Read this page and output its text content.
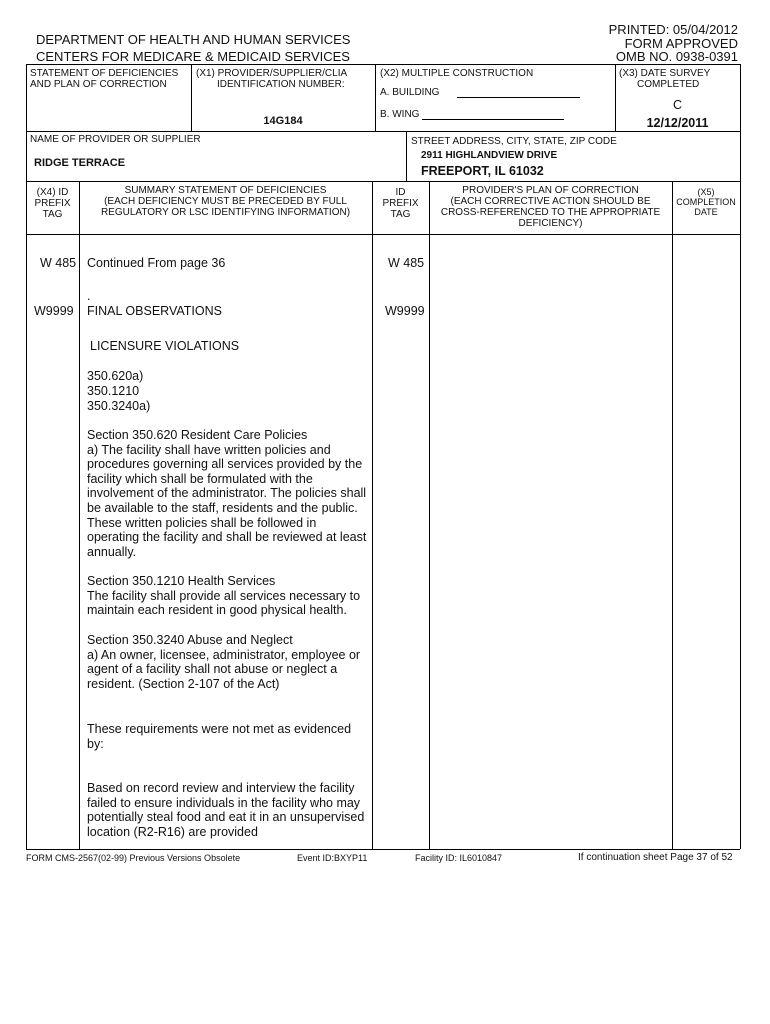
PRINTED: 05/04/2012
FORM APPROVED
OMB NO. 0938-0391
DEPARTMENT OF HEALTH AND HUMAN SERVICES
CENTERS FOR MEDICARE & MEDICAID SERVICES
STATEMENT OF DEFICIENCIES
AND PLAN OF CORRECTION
(X1) PROVIDER/SUPPLIER/CLIA
IDENTIFICATION NUMBER:
14G184
(X2) MULTIPLE CONSTRUCTION
A. BUILDING
B. WING
(X3) DATE SURVEY
COMPLETED
C
12/12/2011
NAME OF PROVIDER OR SUPPLIER
RIDGE TERRACE
STREET ADDRESS, CITY, STATE, ZIP CODE
2911 HIGHLANDVIEW DRIVE
FREEPORT, IL 61032
(X4) ID
PREFIX
TAG
SUMMARY STATEMENT OF DEFICIENCIES
(EACH DEFICIENCY MUST BE PRECEDED BY FULL
REGULATORY OR LSC IDENTIFYING INFORMATION)
ID
PREFIX
TAG
PROVIDER'S PLAN OF CORRECTION
(EACH CORRECTIVE ACTION SHOULD BE
CROSS-REFERENCED TO THE APPROPRIATE
DEFICIENCY)
(X5)
COMPLETION
DATE
W 485 Continued From page 36	W 485
.
W9999 FINAL OBSERVATIONS	W9999
LICENSURE VIOLATIONS
350.620a)
350.1210
350.3240a)
Section 350.620 Resident Care Policies
a) The facility shall have written policies and procedures governing all services provided by the facility which shall be formulated with the involvement of the administrator. The policies shall be available to the staff, residents and the public. These written policies shall be followed in operating the facility and shall be reviewed at least annually.
Section 350.1210 Health Services
The facility shall provide all services necessary to maintain each resident in good physical health.
Section 350.3240 Abuse and Neglect
a) An owner, licensee, administrator, employee or agent of a facility shall not abuse or neglect a resident. (Section 2-107 of the Act)
These requirements were not met as evidenced by:
Based on record review and interview the facility failed to ensure individuals in the facility who may potentially steal food and eat it in an unsupervised location (R2-R16) are provided
FORM CMS-2567(02-99) Previous Versions Obsolete	Event ID:BXYP11	Facility ID: IL6010847	If continuation sheet Page 37 of 52
